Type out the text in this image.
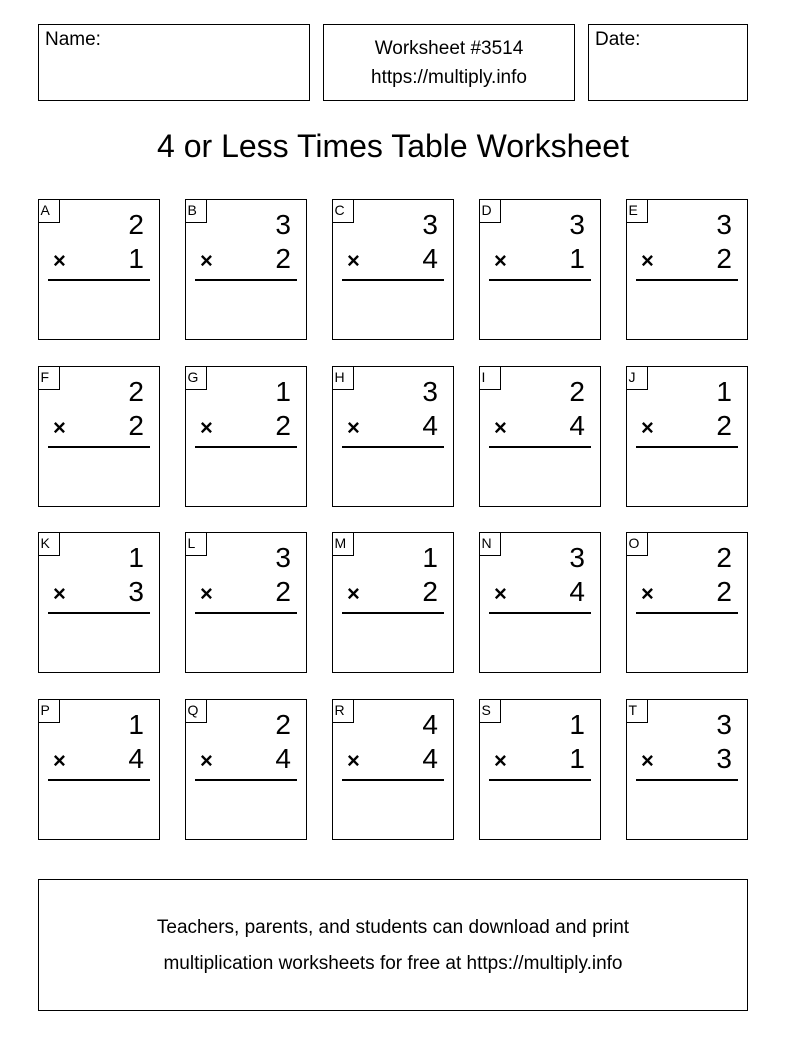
Name:	Worksheet #3514
https://multiply.info
Date:
4 or Less Times Table Worksheet
A	2
× 1
B	3
× 2
C	3
× 4
D	3
× 1
E	3
× 2
F	2
× 2
G	1
× 2
H	3
× 4
I	2
× 4
J	1
× 2
K	1
× 3
L	3
× 2
M	1
× 2
N	3
× 4
O	2
× 2
P	1
× 4
Q	2
× 4
R	4
× 4
S	1
× 1
T	3
× 3
Teachers, parents, and students can download and print
multiplication worksheets for free at https://multiply.info
